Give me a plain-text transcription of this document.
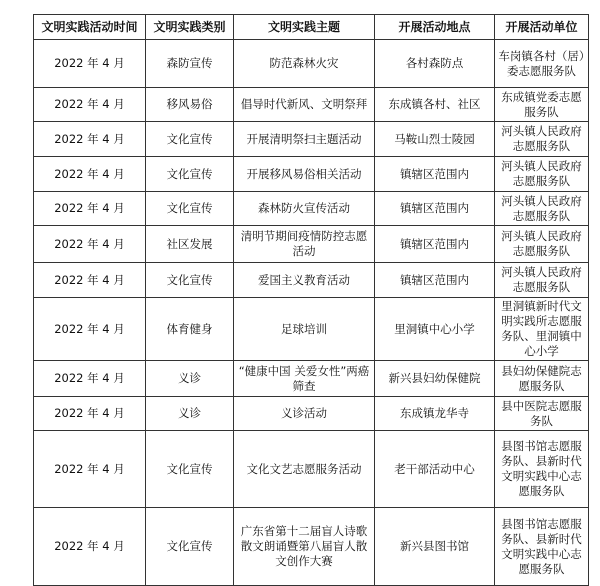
文明实践活动时间	文明实践类别	文明实践主题	开展活动地点	开展活动单位
2022 年 4 月	森防宣传	防范森林火灾	各村森防点	车岗镇各村（居）委志愿服务队
2022 年 4 月	移风易俗	倡导时代新风、文明祭拜	东成镇各村、社区	东成镇党委志愿服务队
2022 年 4 月	文化宣传	开展清明祭扫主题活动	马鞍山烈士陵园	河头镇人民政府志愿服务队
2022 年 4 月	文化宣传	开展移风易俗相关活动	镇辖区范围内	河头镇人民政府志愿服务队
2022 年 4 月	文化宣传	森林防火宣传活动	镇辖区范围内	河头镇人民政府志愿服务队
2022 年 4 月	社区发展	清明节期间疫情防控志愿活动	镇辖区范围内	河头镇人民政府志愿服务队
2022 年 4 月	文化宣传	爱国主义教育活动	镇辖区范围内	河头镇人民政府志愿服务队
2022 年 4 月	体育健身	足球培训	里洞镇中心小学	里洞镇新时代文明实践所志愿服务队、里洞镇中心小学
2022 年 4 月	义诊	“健康中国 关爱女性”两癌筛查	新兴县妇幼保健院	县妇幼保健院志愿服务队
2022 年 4 月	义诊	义诊活动	东成镇龙华寺	县中医院志愿服务队
2022 年 4 月	文化宣传	文化文艺志愿服务活动	老干部活动中心	县图书馆志愿服务队、县新时代文明实践中心志愿服务队
2022 年 4 月	文化宣传	广东省第十二届盲人诗歌散文朗诵暨第八届盲人散文创作大赛	新兴县图书馆	县图书馆志愿服务队、县新时代文明实践中心志愿服务队
